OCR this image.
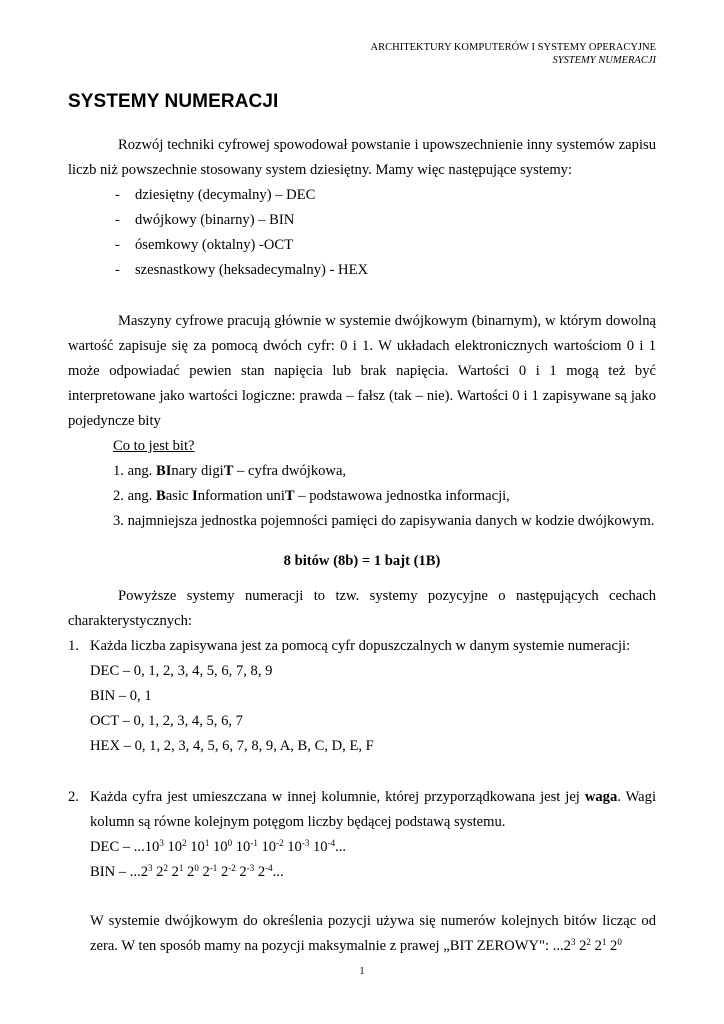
ARCHITEKTURY KOMPUTERÓW I SYSTEMY OPERACYJNE
SYSTEMY NUMERACJI
SYSTEMY NUMERACJI
Rozwój techniki cyfrowej spowodował powstanie i upowszechnienie inny systemów zapisu liczb niż powszechnie stosowany system dziesiętny. Mamy więc następujące systemy:
- dziesiętny (decymalny) – DEC
- dwójkowy (binarny) – BIN
- ósemkowy (oktalny) -OCT
- szesnastkowy (heksadecymalny) - HEX
Maszyny cyfrowe pracują głównie w systemie dwójkowym (binarnym), w którym dowolną wartość zapisuje się za pomocą dwóch cyfr: 0 i 1. W układach elektronicznych wartościom 0 i 1 może odpowiadać pewien stan napięcia lub brak napięcia. Wartości 0 i 1 mogą też być interpretowane jako wartości logiczne: prawda – fałsz (tak – nie). Wartości 0 i 1 zapisywane są jako pojedyncze bity
Co to jest bit?
1. ang. BInary digiT – cyfra dwójkowa,
2. ang. Basic Information uniT – podstawowa jednostka informacji,
3. najmniejsza jednostka pojemności pamięci do zapisywania danych w kodzie dwójkowym.
8 bitów (8b) = 1 bajt (1B)
Powyższe systemy numeracji to tzw. systemy pozycyjne o następujących cechach charakterystycznych:
1. Każda liczba zapisywana jest za pomocą cyfr dopuszczalnych w danym systemie numeracji:
DEC – 0, 1, 2, 3, 4, 5, 6, 7, 8, 9
BIN – 0, 1
OCT – 0, 1, 2, 3, 4, 5, 6, 7
HEX – 0, 1, 2, 3, 4, 5, 6, 7, 8, 9, A, B, C, D, E, F
2. Każda cyfra jest umieszczana w innej kolumnie, której przyporządkowana jest jej waga. Wagi kolumn są równe kolejnym potęgom liczby będącej podstawą systemu.
DEC – ...10$^3$ $10^2$ $10^1$ $10^0$ $10^{-1}$ $10^{-2}$ $10^{-3}$ $10^{-4}$...
BIN – ...2$^3$ $2^2$ $2^1$ $2^0$ $2^{-1}$ $2^{-2}$ $2^{-3}$ $2^{-4}$...
W systemie dwójkowym do określenia pozycji używa się numerów kolejnych bitów licząc od zera. W ten sposób mamy na pozycji maksymalnie z prawej „BIT ZEROWY": ...2$^3$ $2^2$ $2^1$ $2^0$
1
